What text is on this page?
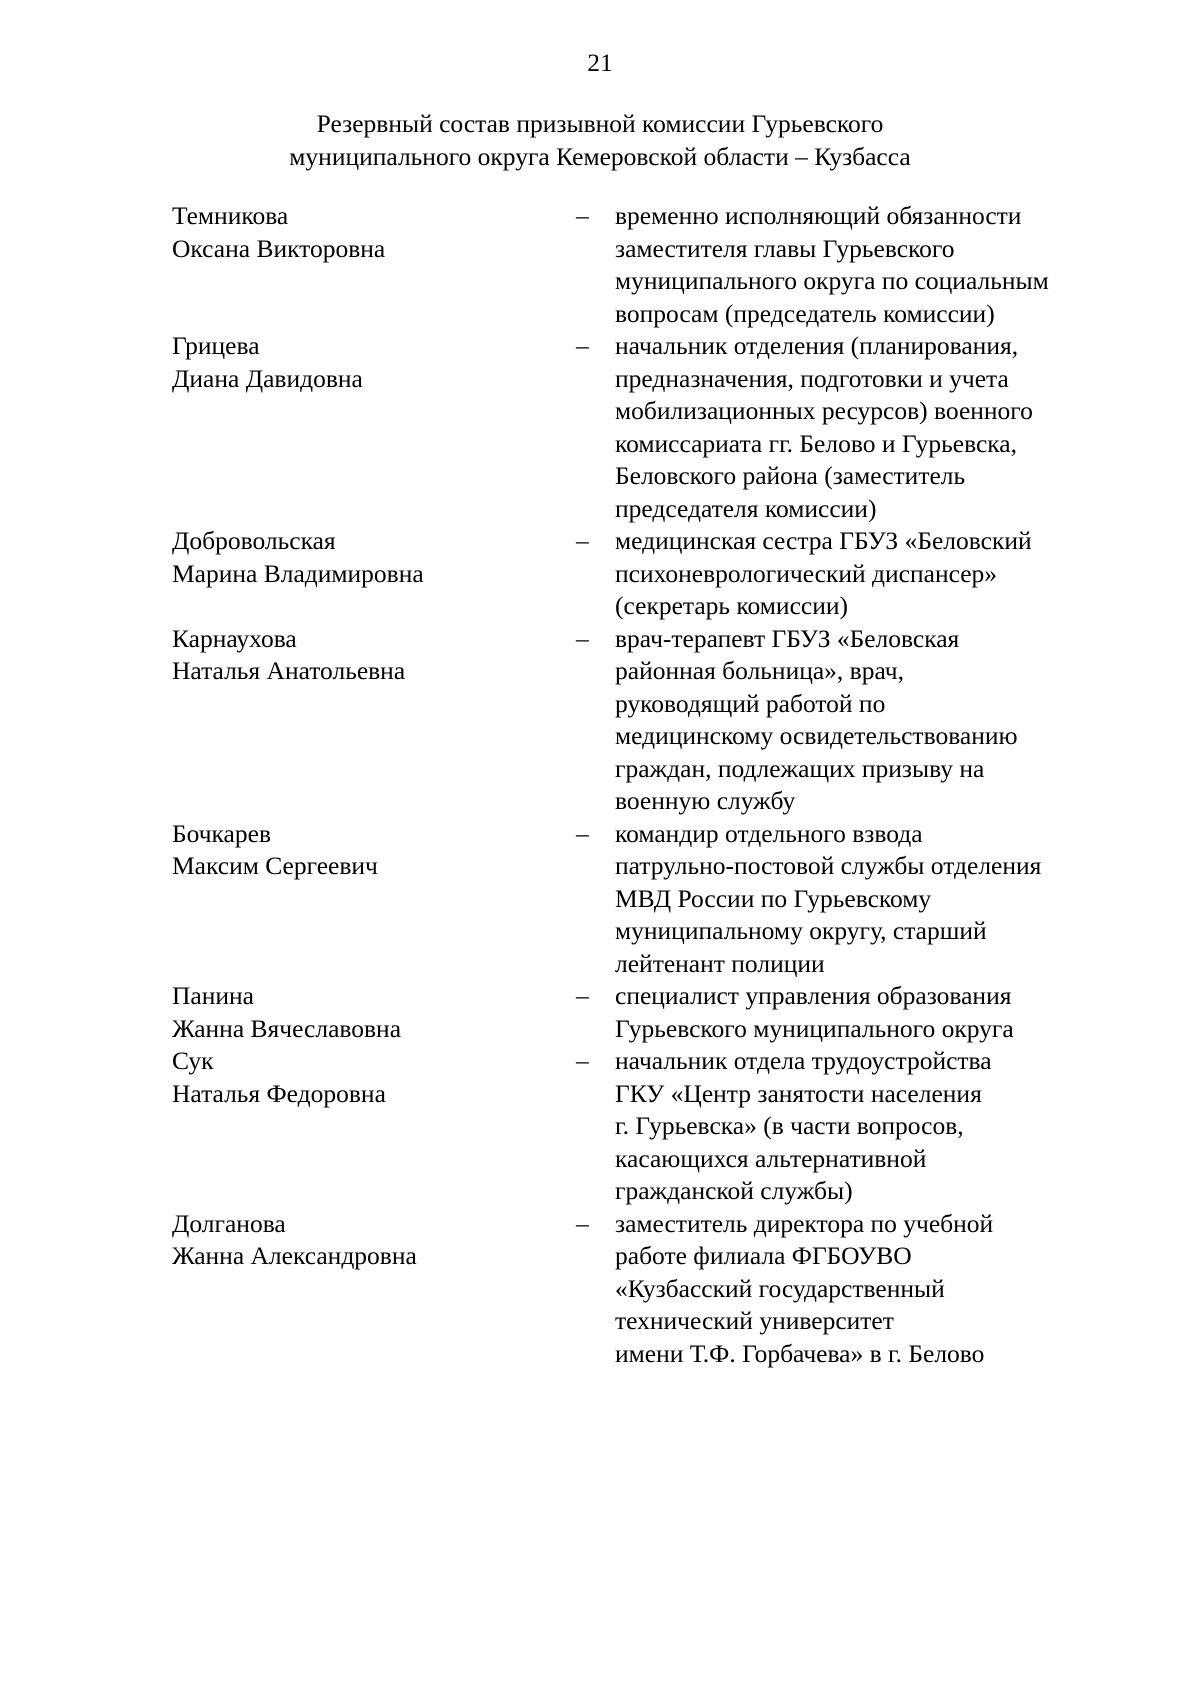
21
Резервный состав призывной комиссии Гурьевского
муниципального округа Кемеровской области – Кузбасса
Темникова
Оксана Викторовна
– временно исполняющий обязанности
заместителя главы Гурьевского
муниципального округа по социальным
вопросам (председатель комиссии)
Грицева
Диана Давидовна
– начальник отделения (планирования,
предназначения, подготовки и учета
мобилизационных ресурсов) военного
комиссариата гг. Белово и Гурьевска,
Беловского района (заместитель
председателя комиссии)
Добровольская
Марина Владимировна
– медицинская сестра ГБУЗ «Беловский
психоневрологический диспансер»
(секретарь комиссии)
Карнаухова
Наталья Анатольевна
– врач-терапевт ГБУЗ «Беловская
районная больница», врач,
руководящий работой по
медицинскому освидетельствованию
граждан, подлежащих призыву на
военную службу
Бочкарев
Максим Сергеевич
– командир отдельного взвода
патрульно-постовой службы отделения
МВД России по Гурьевскому
муниципальному округу, старший
лейтенант полиции
Панина
Жанна Вячеславовна
– специалист управления образования
Гурьевского муниципального округа
Сук
Наталья Федоровна
– начальник отдела трудоустройства
ГКУ «Центр занятости населения
г. Гурьевска» (в части вопросов,
касающихся альтернативной
гражданской службы)
Долганова
Жанна Александровна
– заместитель директора по учебной
работе филиала ФГБОУВО
«Кузбасский государственный
технический университет
имени Т.Ф. Горбачева» в г. Белово
